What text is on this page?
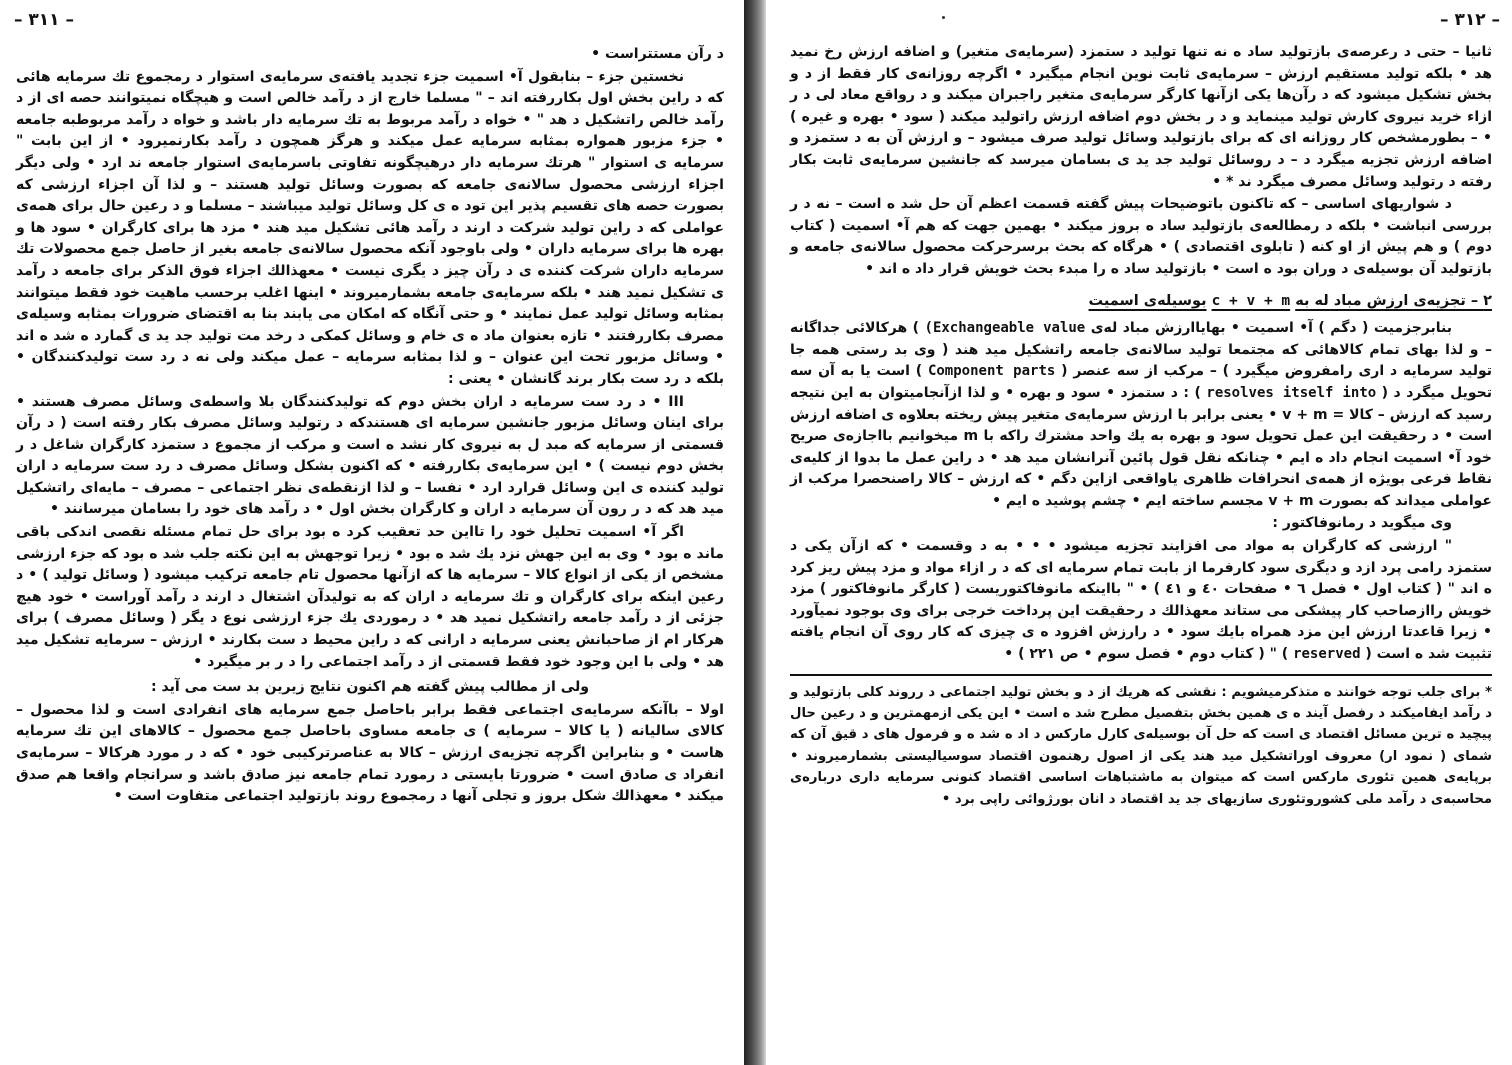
– ۳۱۱ –

د رآن مستتراست •

نخستين جزء – بنابقول آ• اسميت جزء تجديد يافته‌ى سرمايه‌ى استوار د رمجموع تك سرمايه هائى كه د راين بخش اول بكاررفته اند – " مسلما خارج از د رآمد خالص است و هيچگاه نميتوانند حصه اى از د رآمد خالص راتشكيل د هد " • خواه د رآمد مربوط به تك سرمايه دار باشد و خواه د رآمد مربوطبه جامعه • جزء مزبور همواره بمثابه سرمايه عمل ميكند و هرگز همچون د رآمد بكارنميرود • از اين بابت " سرمايه ى استوار " هرتك سرمايه دار درهيچگونه تفاوتى باسرمايه‌ى استوار جامعه ند ارد • ولى ديگر اجزاء ارزشى محصول سالانه‌ى جامعه كه بصورت وسائل توليد هستند – و لذا آن اجزاء ارزشى كه بصورت حصه هاى تقسيم پذير اين تود ه ى كل وسائل توليد ميباشند – مسلما و د رعين حال براى همه‌ى عواملى كه د راين توليد شركت د ارند د رآمد هائى تشكيل ميد هند • مزد ها براى كارگران • سود ها و بهره ها براى سرمايه داران • ولى باوجود آنكه محصول سالانه‌ى جامعه بغير از حاصل جمع محصولات تك سرمايه داران شركت كننده ى د رآن چيز د يگرى نيست • معهذالك اجزاء فوق الذكر براى جامعه د رآمد ى تشكيل نميد هند • بلكه سرمايه‌ى جامعه بشمارميروند • اينها اغلب برحسب ماهيت خود فقط ميتوانند بمثابه وسائل توليد عمل نمايند • و حتى آنگاه كه امكان مى يابند بنا به اقتضاى ضرورات بمثابه وسيله‌ى مصرف بكاررفتند • تازه بعنوان ماد ه ى خام و وسائل كمكى د رخد مت توليد جد يد ى گمارد ه شد ه اند • وسائل مزبور تحت اين عنوان – و لذا بمثابه سرمايه – عمل ميكند ولى نه د رد ست توليدكنندگان • بلكه د رد ست بكار برند گانشان • يعنى :

III • د رد ست سرمايه د اران بخش دوم كه توليدكنندگان بلا واسطه‌ى وسائل مصرف هستند • براى اينان وسائل مزبور جانشين سرمايه اى هستندكه د رتوليد وسائل مصرف بكار رفته است ( د رآن قسمتى از سرمايه كه مبد ل به نيروى كار نشد ه است و مركب از مجموع د ستمزد كارگران شاغل د ر بخش دوم نيست ) • اين سرمايه‌ى بكاررفته • كه اكنون بشكل وسائل مصرف د رد ست سرمايه د اران توليد كننده ى اين وسائل قرارد ارد • نفسا – و لذا ازنقطه‌ى نظر اجتماعى – مصرف – مايه‌اى راتشكيل ميد هد كه د ر رون آن سرمايه د اران و كارگران بخش اول • د رآمد هاى خود را بسامان ميرسانند •

اگر آ• اسميت تحليل خود را تااين حد تعقيب كرد ه بود براى حل تمام مسئله نقصى اندكى باقى ماند ه بود • وى به اين جهش نزد يك شد ه بود • زيرا توجهش به اين نكته جلب شد ه بود كه جزء ارزشى مشخص از يكى از انواع كالا – سرمايه ها كه ازآنها محصول تام جامعه تركيب ميشود ( وسائل توليد ) • د رعين اينكه براى كارگران و تك سرمايه د اران كه به توليدآن اشتغال د ارند د رآمد آوراست • خود هيچ جزئى از د رآمد جامعه راتشكيل نميد هد • د رموردى يك جزء ارزشى نوع د يگر ( وسائل مصرف ) براى هركار ام از صاحبانش يعنى سرمايه د ارانى كه د راين محيط د ست بكارند • ارزش – سرمايه تشكيل ميد هد • ولى با اين وجود خود فقط قسمتى از د رآمد اجتماعى را د ر بر ميگيرد •

ولى از مطالب پيش گفته هم اكنون نتايج زيرين بد ست مى آيد :

اولا – باآنكه سرمايه‌ى اجتماعى فقط برابر باحاصل جمع سرمايه هاى انفرادى است و لذا محصول – كالاى ساليانه ( يا كالا – سرمايه ) ى جامعه مساوى باحاصل جمع محصول – كالاهاى اين تك سرمايه هاست • و بنابراين اگرچه تجزيه‌ى ارزش – كالا به عناصرتركيبى خود • كه د ر مورد هركالا – سرمايه‌ى انفراد ى صادق است • ضرورتا بايستى د رمورد تمام جامعه نيز صادق باشد و سرانجام واقعا هم صدق ميكند • معهذالك شكل بروز و تجلى آنها د رمجموع روند بازتوليد اجتماعى متفاوت است •

– ۳۱۲ –

ثانيا – حتى د رعرصه‌ى بازتوليد ساد ه نه تنها توليد د ستمزد (سرمايه‌ى متغير) و اضافه ارزش رخ نميد هد • بلكه توليد مستقيم ارزش – سرمايه‌ى ثابت نوين انجام ميگيرد • اگرچه روزانه‌ى كار فقط از د و بخش تشكيل ميشود كه د رآن‌ها يكى ازآنها كارگر سرمايه‌ى متغير راجبران ميكند و د رواقع معاد لى د ر ازاء خريد نيروى كارش توليد مينمايد و د ر بخش دوم اضافه ارزش راتوليد ميكند ( سود • بهره و غيره ) • – بطورمشخص كار روزانه اى كه براى بازتوليد وسائل توليد صرف ميشود – و ارزش آن به د ستمزد و اضافه ارزش تجزيه ميگرد د – د روسائل توليد جد يد ى بسامان ميرسد كه جانشين سرمايه‌ى ثابت بكار رفته د رتوليد وسائل مصرف ميگرد ند * •

د شواريهاى اساسى – كه تاكنون باتوضيحات پيش گفته قسمت اعظم آن حل شد ه است – نه د ر بررسى انباشت • بلكه د رمطالعه‌ى بازتوليد ساد ه بروز ميكند • بهمين جهت كه هم آ• اسميت ( كتاب دوم ) و هم پيش از او كنه ( تابلوى اقتصادى ) • هرگاه كه بحث برسرحركت محصول سالانه‌ى جامعه و بازتوليد آن بوسيله‌ى د وران بود ه است • بازتوليد ساد ه را مبدء بحث خويش قرار داد ه اند •

۲ – تجزيه‌ى ارزش مباد له به c + v + m بوسيله‌ى اسميت

بنابرجزميت ( دگم ) آ• اسميت • بهاياارزش مباد له‌ى (Exchangeable value ) هركالائى جداگانه – و لذا بهاى تمام كالاهائى كه مجتمعا توليد سالانه‌ى جامعه راتشكيل ميد هند ( وى بد رستى همه جا توليد سرمايه د ارى رامفروض ميگيرد ) – مركب از سه عنصر ( Component parts ) است يا به آن سه تحويل ميگرد د ( resolves itself into ) : د ستمزد • سود و بهره • و لذا ازآنجاميتوان به اين نتيجه رسيد كه ارزش – كالا = v + m • يعنى برابر با ارزش سرمايه‌ى متغير پيش ريخته بعلاوه ى اضافه ارزش است • د رحقيقت اين عمل تحويل سود و بهره به يك واحد مشترك راكه با m ميخوانيم بااجازه‌ى صريح خود آ• اسميت انجام داد ه ايم • چنانكه نقل قول پائين آنرانشان ميد هد • د راين عمل ما بدوا از كليه‌ى نقاط فرعى بويژه از همه‌ى انحرافات ظاهرى ياواقعى ازاين دگم • كه ارزش – كالا راصنحصرا مركب از عواملى ميداند كه بصورت v + m مجسم ساخته ايم • چشم پوشيد ه ايم •

وى ميگويد د رمانوفاكتور :

" ارزشى كه كارگران به مواد مى افزايند تجزيه ميشود • • • به د وقسمت • كه ازآن يكى د ستمزد رامى پرد ازد و ديگرى سود كارفرما از بابت تمام سرمايه اى كه د ر ازاء مواد و مزد پيش ريز كرد ه اند " ( كتاب اول • فصل ٦ • صفحات ٤٠ و ٤١ ) • " بااينكه مانوفاكتوريست ( كارگر مانوفاكتور ) مزد خويش راازصاحب كار پيشكى مى ستاند معهذالك د رحقيقت اين پرداخت خرجى براى وى بوجود نميآورد • زيرا قاعدتا ارزش اين مزد همراه بايك سود • د رارزش افزود ه ى چيزى كه كار روى آن انجام يافته تثبيت شد ه است ( reserved ) " ( كتاب دوم • فصل سوم • ص ٢٢١ ) •

* براى جلب توجه خوانند ه متذكرميشويم : نقشى كه هريك از د و بخش توليد اجتماعى د رروند كلى بازتوليد و د رآمد ايفاميكند د رفصل آيند ه ى همين بخش بتفصيل مطرح شد ه است • اين يكى ازمهمترين و د رعين حال پيچيد ه ترين مسائل اقتصاد ى است كه حل آن بوسيله‌ى كارل ماركس د اد ه شد ه و فرمول هاى د قيق آن كه شماى ( نمود ار) معروف اوراتشكيل ميد هند يكى از اصول رهنمون اقتصاد سوسياليستى بشمارميروند • برپايه‌ى همين تئورى ماركس است كه ميتوان به ماشتباهات اساسى اقتصاد كنونى سرمايه داری درباره‌ى محاسبه‌ى د رآمد ملى كشوروتئورى سازيهاى جد يد اقتصاد د انان بورژوائى راپى برد •
